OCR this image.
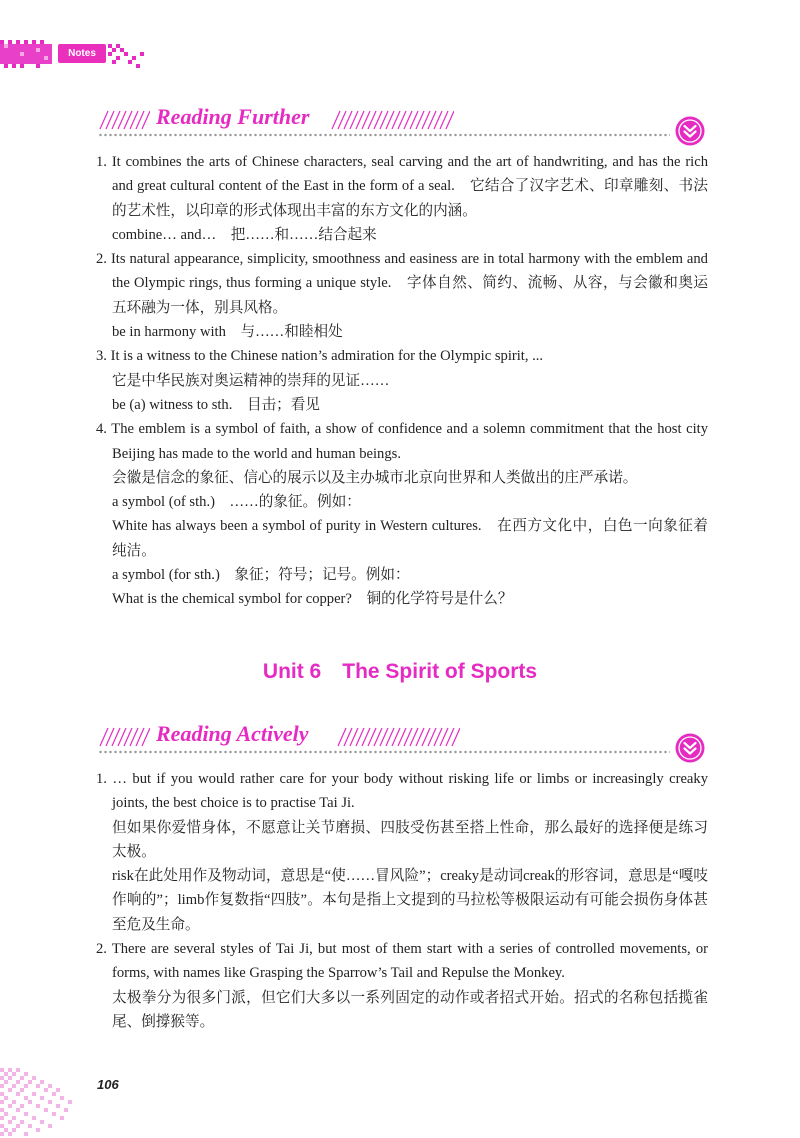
Notes
Reading Further

1. It combines the arts of Chinese characters, seal carving and the art of handwriting, and has the rich and great cultural content of the East in the form of a seal.　它结合了汉字艺术、印章雕刻、书法的艺术性，以印章的形式体现出丰富的东方文化的内涵。

combine… and…　把……和……结合起来

2. Its natural appearance, simplicity, smoothness and easiness are in total harmony with the emblem and the Olympic rings, thus forming a unique style.　字体自然、简约、流畅、从容，与会徽和奥运五环融为一体，别具风格。

be in harmony with　与……和睦相处

3. It is a witness to the Chinese nation’s admiration for the Olympic spirit, ...

它是中华民族对奥运精神的崇拜的见证……

be (a) witness to sth.　目击；看见

4. The emblem is a symbol of faith, a show of confidence and a solemn commitment that the host city Beijing has made to the world and human beings.

会徽是信念的象征、信心的展示以及主办城市北京向世界和人类做出的庄严承诺。

a symbol (of sth.)　……的象征。例如：

White has always been a symbol of purity in Western cultures.　在西方文化中，白色一向象征着纯洁。

a symbol (for sth.)　象征；符号；记号。例如：

What is the chemical symbol for copper?　铜的化学符号是什么？

Unit 6　The Spirit of Sports
Reading Actively

1. … but if you would rather care for your body without risking life or limbs or increasingly creaky joints, the best choice is to practise Tai Ji.

但如果你爱惜身体，不愿意让关节磨损、四肢受伤甚至搭上性命，那么最好的选择便是练习太极。

risk在此处用作及物动词，意思是“使……冒风险”；creaky是动词creak的形容词，意思是“嘎吱作响的”；limb作复数指“四肢”。本句是指上文提到的马拉松等极限运动有可能会损伤身体甚至危及生命。

2. There are several styles of Tai Ji, but most of them start with a series of controlled movements, or forms, with names like Grasping the Sparrow’s Tail and Repulse the Monkey.

太极拳分为很多门派，但它们大多以一系列固定的动作或者招式开始。招式的名称包括揽雀尾、倒撐猴等。

106
